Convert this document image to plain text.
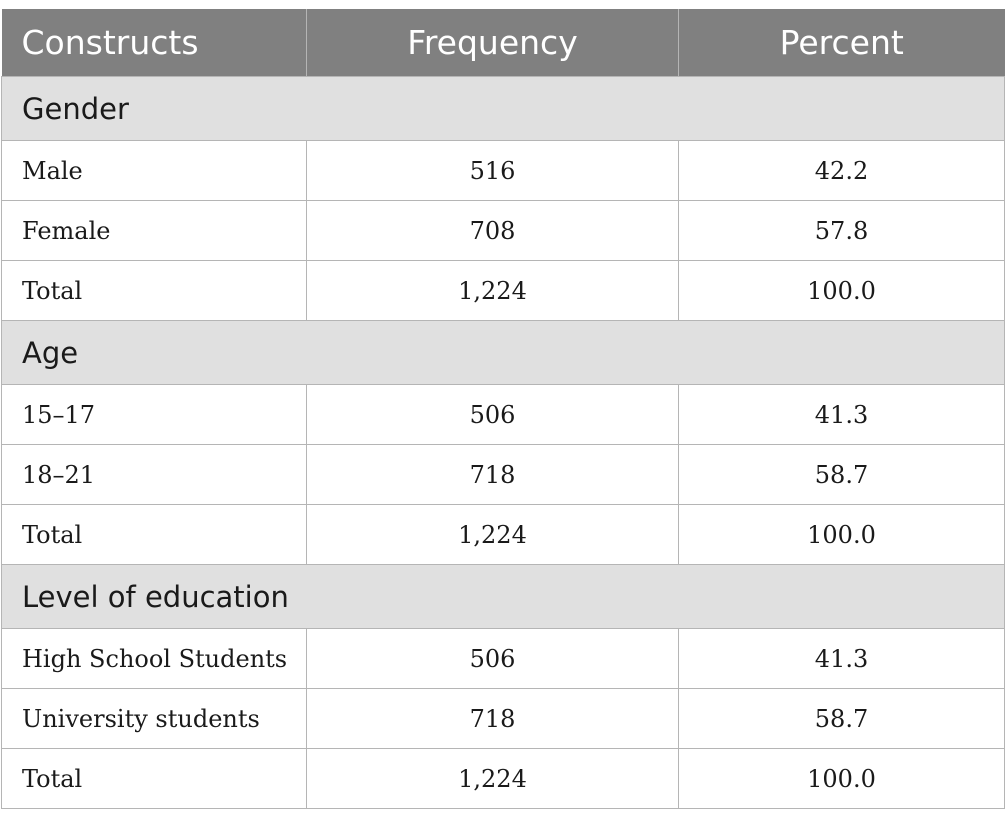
Constructs	Frequency	Percent
Gender		
Male	516	42.2
Female	708	57.8
Total	1,224	100.0
Age		
15–17	506	41.3
18–21	718	58.7
Total	1,224	100.0
Level of education		
High School Students	506	41.3
University students	718	58.7
Total	1,224	100.0
